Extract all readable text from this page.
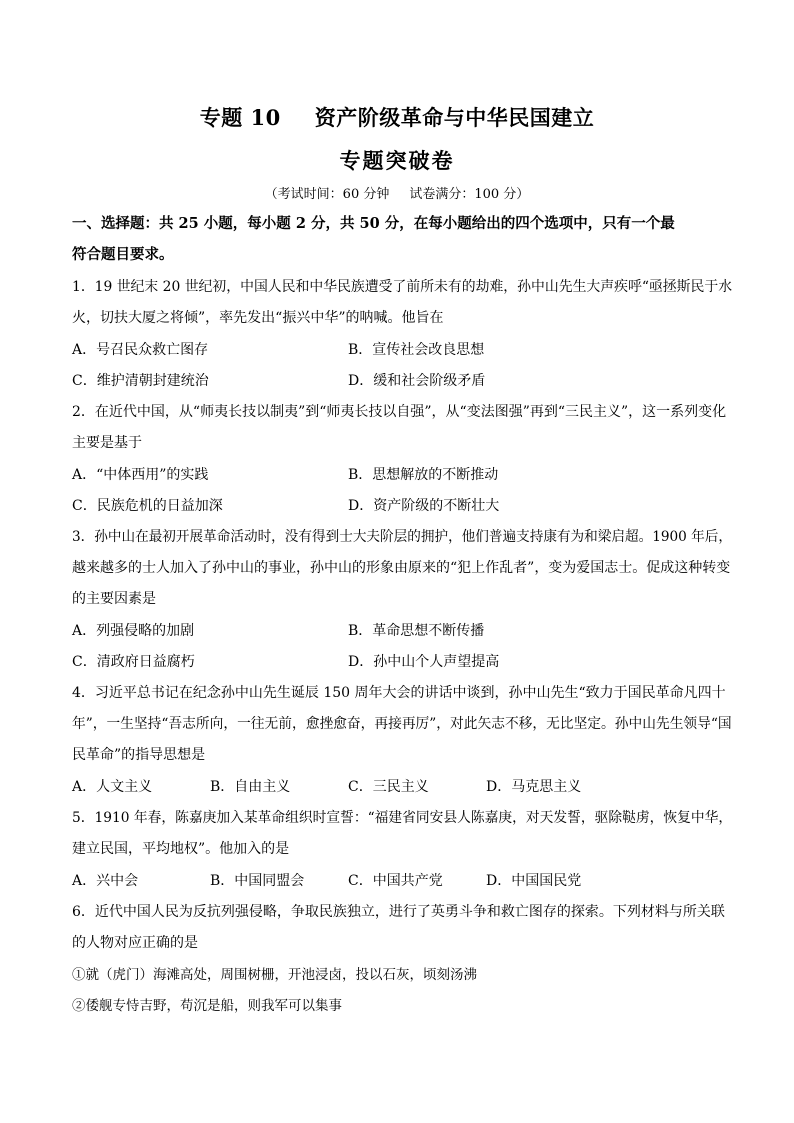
专题 10 资产阶级革命与中华民国建立
专题突破卷
（考试时间：60 分钟 试卷满分：100 分）
一、选择题：共 25 小题，每小题 2 分，共 50 分，在每小题给出的四个选项中，只有一个最
符合题目要求。
1．19 世纪末 20 世纪初，中国人民和中华民族遭受了前所未有的劫难，孙中山先生大声疾呼“亟拯斯民于水
火，切扶大厦之将倾”，率先发出“振兴中华”的呐喊。他旨在
A．号召民众救亡图存	B．宣传社会改良思想
C．维护清朝封建统治	D．缓和社会阶级矛盾
2．在近代中国，从“师夷长技以制夷”到“师夷长技以自强”，从“变法图强”再到“三民主义”，这一系列变化
主要是基于
A．“中体西用”的实践	B．思想解放的不断推动
C．民族危机的日益加深	D．资产阶级的不断壮大
3．孙中山在最初开展革命活动时，没有得到士大夫阶层的拥护，他们普遍支持康有为和梁启超。1900 年后，
越来越多的士人加入了孙中山的事业，孙中山的形象由原来的“犯上作乱者”，变为爱国志士。促成这种转变
的主要因素是
A．列强侵略的加剧	B．革命思想不断传播
C．清政府日益腐朽	D．孙中山个人声望提高
4．习近平总书记在纪念孙中山先生诞辰 150 周年大会的讲话中谈到，孙中山先生“致力于国民革命凡四十
年”，一生坚持“吾志所向，一往无前，愈挫愈奋，再接再厉”，对此矢志不移，无比坚定。孙中山先生领导“国
民革命”的指导思想是
A．人文主义	B．自由主义	C．三民主义	D．马克思主义
5．1910 年春，陈嘉庚加入某革命组织时宣誓：“福建省同安县人陈嘉庚，对天发誓，驱除鞑虏，恢复中华，
建立民国，平均地权”。他加入的是
A．兴中会	B．中国同盟会	C．中国共产党	D．中国国民党
6．近代中国人民为反抗列强侵略，争取民族独立，进行了英勇斗争和救亡图存的探索。下列材料与所关联
的人物对应正确的是
①就（虎门）海滩高处，周围树栅，开池浸卤，投以石灰，顷刻汤沸
②倭舰专恃吉野，苟沉是船，则我军可以集事
